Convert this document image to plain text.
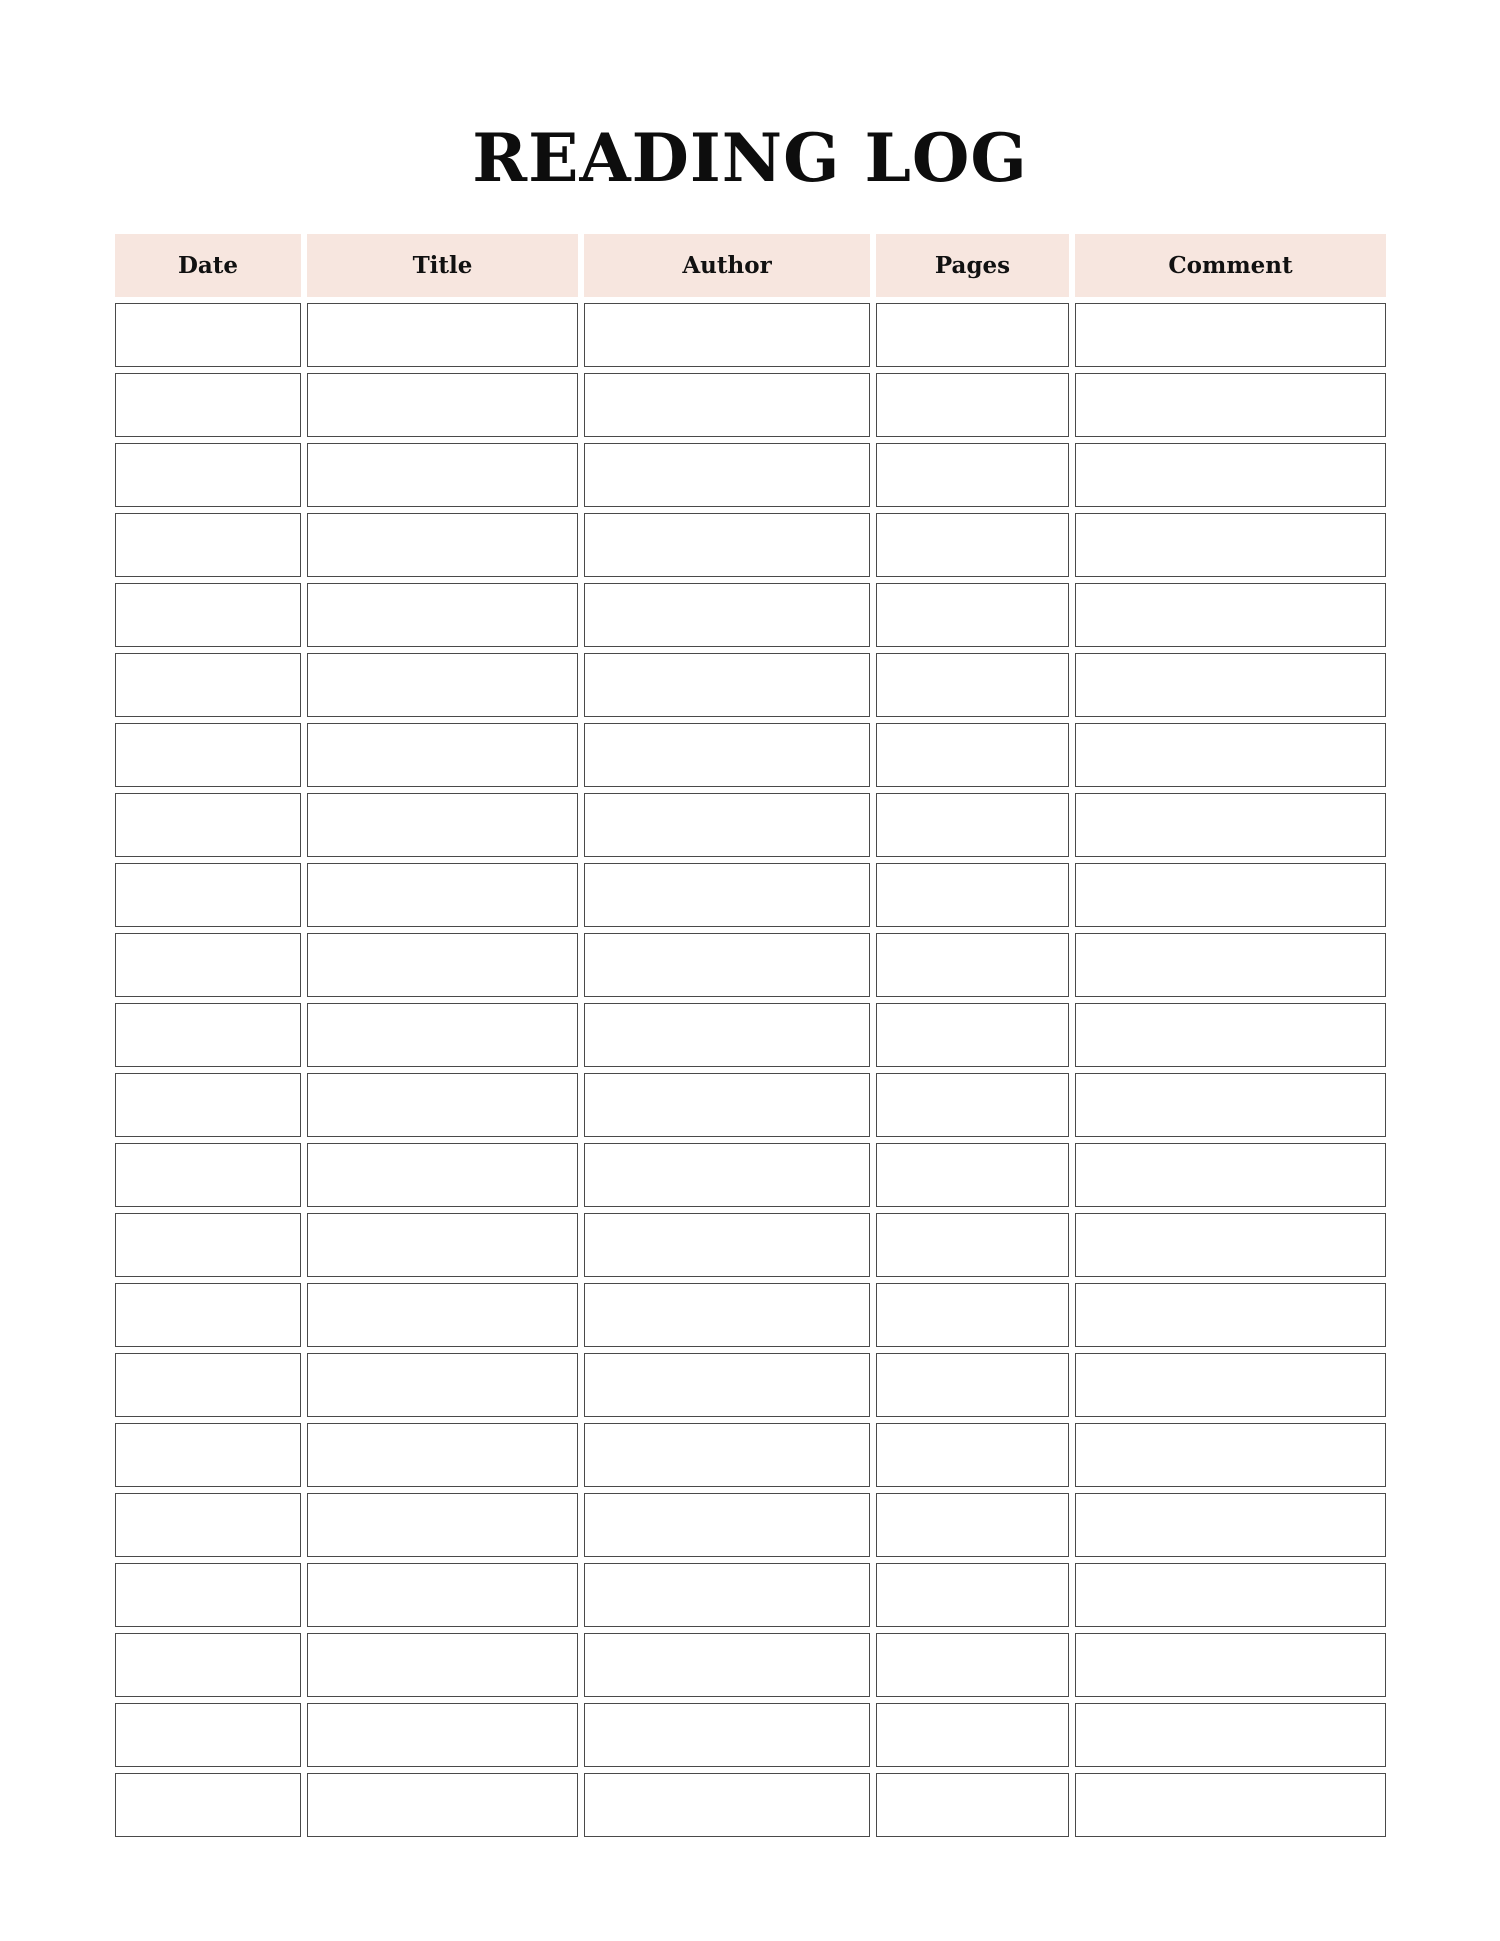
READING LOG
Date	Title	Author	Pages	Comment
